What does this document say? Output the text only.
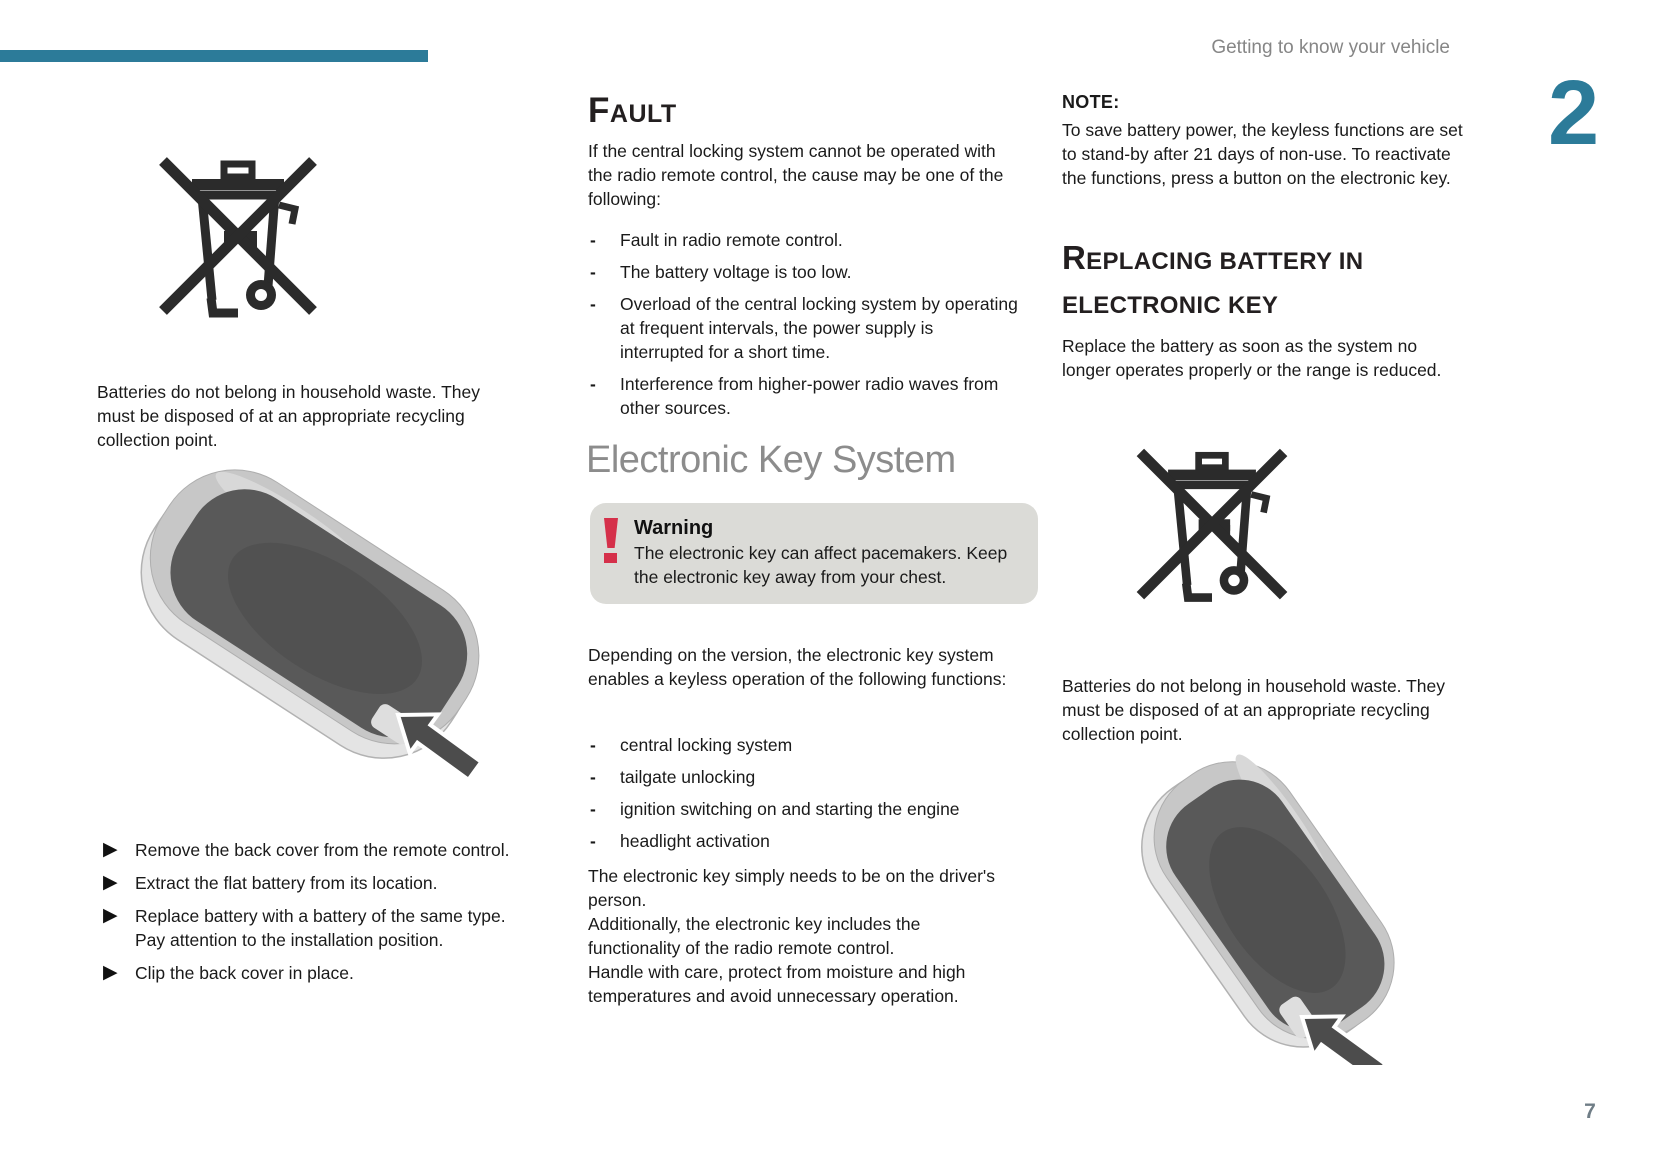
Getting to know your vehicle
2
7
Batteries do not belong in household waste. They must be disposed of at an appropriate recycling collection point.
▶ Remove the back cover from the remote control.
▶ Extract the flat battery from its location.
▶ Replace battery with a battery of the same type. Pay attention to the installation position.
▶ Clip the back cover in place.
FAULT
If the central locking system cannot be operated with the radio remote control, the cause may be one of the following:
- Fault in radio remote control.
- The battery voltage is too low.
- Overload of the central locking system by operating at frequent intervals, the power supply is interrupted for a short time.
- Interference from higher-power radio waves from other sources.
Electronic Key System
Warning
The electronic key can affect pacemakers. Keep the electronic key away from your chest.
Depending on the version, the electronic key system enables a keyless operation of the following functions:
- central locking system
- tailgate unlocking
- ignition switching on and starting the engine
- headlight activation
The electronic key simply needs to be on the driver's person.
Additionally, the electronic key includes the functionality of the radio remote control.
Handle with care, protect from moisture and high temperatures and avoid unnecessary operation.
NOTE:
To save battery power, the keyless functions are set to stand-by after 21 days of non-use. To reactivate the functions, press a button on the electronic key.
REPLACING BATTERY IN ELECTRONIC KEY
Replace the battery as soon as the system no longer operates properly or the range is reduced.
Batteries do not belong in household waste. They must be disposed of at an appropriate recycling collection point.
